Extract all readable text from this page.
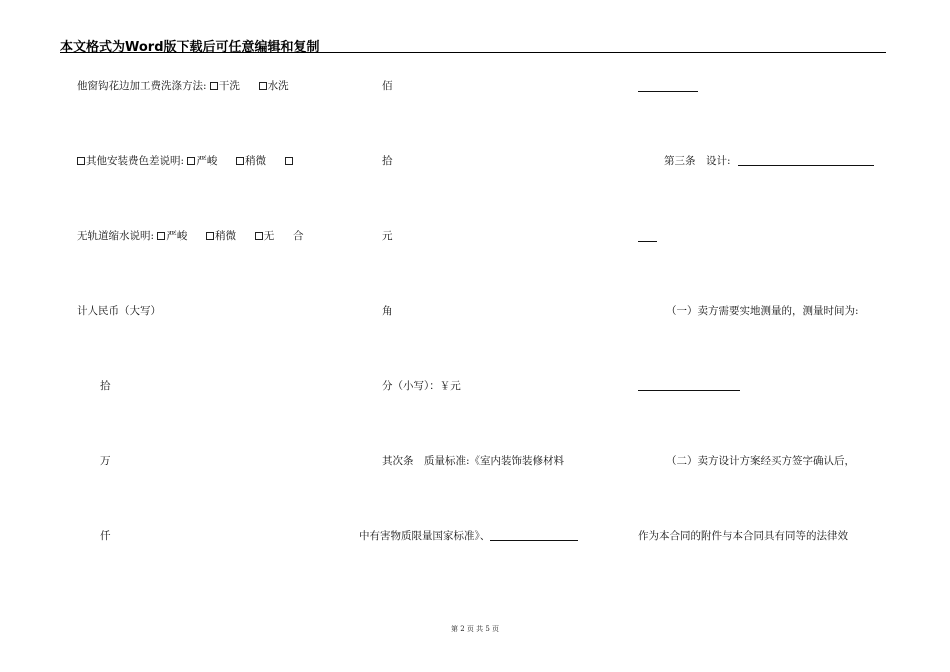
本文格式为Word版下载后可任意编辑和复制
他窗钩花边加工费洗涤方法: 干洗	水洗
其他安装费色差说明: 严峻	稍微
无轨道缩水说明: 严峻	稍微	无 合
计人民币（大写）
拾
万
仟
佰
拾
元
角
分（小写）：￥元
其次条　质量标准:《室内装饰装修材料
中有害物质限量国家标准》、
第三条　设计:
（一）卖方需要实地测量的，测量时间为:
（二）卖方设计方案经买方签字确认后，
作为本合同的附件与本合同具有同等的法律效
第 2 页 共 5 页
